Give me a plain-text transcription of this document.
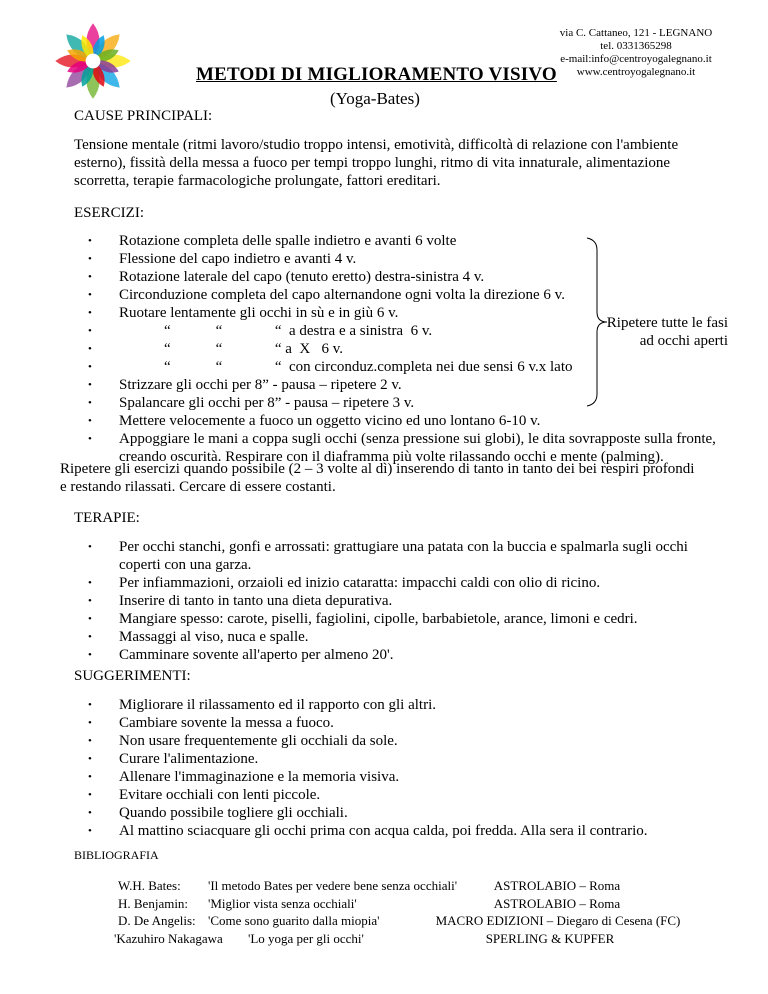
via C. Cattaneo, 121 - LEGNANO
tel. 0331365298
e-mail:info@centroyogalegnano.it
www.centroyogalegnano.it
METODI DI MIGLIORAMENTO VISIVO
(Yoga-Bates)
CAUSE PRINCIPALI:
Tensione mentale (ritmi lavoro/studio troppo intensi, emotività, difficoltà di relazione con l'ambiente esterno), fissità della messa a fuoco per tempi troppo lunghi, ritmo di vita innaturale, alimentazione scorretta, terapie farmacologiche prolungate, fattori ereditari.
ESERCIZI:
• Rotazione completa delle spalle indietro e avanti 6 volte
• Flessione del capo indietro e avanti 4 v.
• Rotazione laterale del capo (tenuto eretto) destra-sinistra 4 v.
• Circonduzione completa del capo alternandone ogni volta la direzione 6 v.
• Ruotare lentamente gli occhi in sù e in giù 6 v.
• “            “              “  a destra e a sinistra  6 v.
• “            “              “ a  X   6 v.
• “            “              “  con circonduz.completa nei due sensi 6 v.x lato
• Strizzare gli occhi per 8” - pausa – ripetere 2 v.
• Spalancare gli occhi per 8” - pausa – ripetere 3 v.
• Mettere velocemente a fuoco un oggetto vicino ed uno lontano 6-10 v.
• Appoggiare le mani a coppa sugli occhi (senza pressione sui globi), le dita sovrapposte sulla fronte, creando oscurità. Respirare con il diaframma più volte rilassando occhi e mente (palming).
Ripetere tutte le fasi
ad occhi aperti
Ripetere gli esercizi quando possibile (2 – 3 volte al dì) inserendo di tanto in tanto dei bei respiri profondi e restando rilassati. Cercare di essere costanti.
TERAPIE:
• Per occhi stanchi, gonfi e arrossati: grattugiare una patata con la buccia e spalmarla sugli occhi coperti con una garza.
• Per infiammazioni, orzaioli ed inizio cataratta: impacchi caldi con olio di ricino.
• Inserire di tanto in tanto una dieta depurativa.
• Mangiare spesso: carote, piselli, fagiolini, cipolle, barbabietole, arance, limoni e cedri.
• Massaggi al viso, nuca e spalle.
• Camminare sovente all'aperto per almeno 20'.
SUGGERIMENTI:
• Migliorare il rilassamento ed il rapporto con gli altri.
• Cambiare sovente la messa a fuoco.
• Non usare frequentemente gli occhiali da sole.
• Curare l'alimentazione.
• Allenare l'immaginazione e la memoria visiva.
• Evitare occhiali con lenti piccole.
• Quando possibile togliere gli occhiali.
• Al mattino sciacquare gli occhi prima con acqua calda, poi fredda. Alla sera il contrario.
BIBLIOGRAFIA
W.H. Bates: 'Il metodo Bates per vedere bene senza occhiali'	ASTROLABIO – Roma
H. Benjamin: 'Miglior vista senza occhiali'	ASTROLABIO – Roma
D. De Angelis: 'Come sono guarito dalla miopia'	MACRO EDIZIONI – Diegaro di Cesena (FC)
'Kazuhiro Nakagawa 'Lo yoga per gli occhi'	SPERLING & KUPFER
